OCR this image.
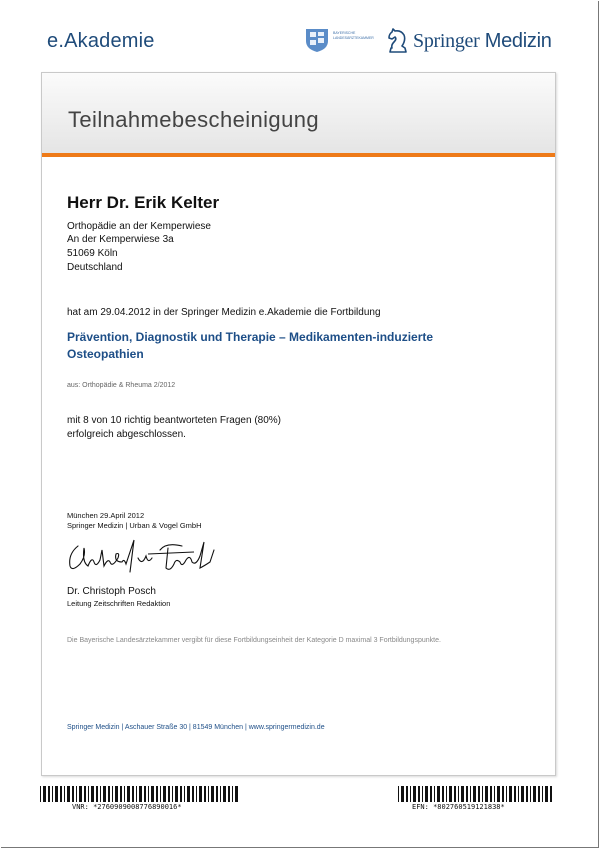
e.Akademie	BAYERISCHE LANDESÄRZTEKAMMER Springer Medizin
Teilnahmebescheinigung
Herr Dr. Erik Kelter
Orthopädie an der Kemperwiese
An der Kemperwiese 3a
51069 Köln
Deutschland
hat am 29.04.2012 in der Springer Medizin e.Akademie die Fortbildung
Prävention, Diagnostik und Therapie – Medikamenten-induzierte Osteopathien
aus: Orthopädie & Rheuma 2/2012
mit 8 von 10 richtig beantworteten Fragen (80%)
erfolgreich abgeschlossen.
München 29.April 2012
Springer Medizin | Urban & Vogel GmbH
Dr. Christoph Posch
Leitung Zeitschriften Redaktion
Die Bayerische Landesärztekammer vergibt für diese Fortbildungseinheit der Kategorie D maximal 3 Fortbildungspunkte.
Springer Medizin | Aschauer Straße 30 | 81549 München | www.springermedizin.de
VNR: *2760909008776890016*	EFN: *802760519121838*
